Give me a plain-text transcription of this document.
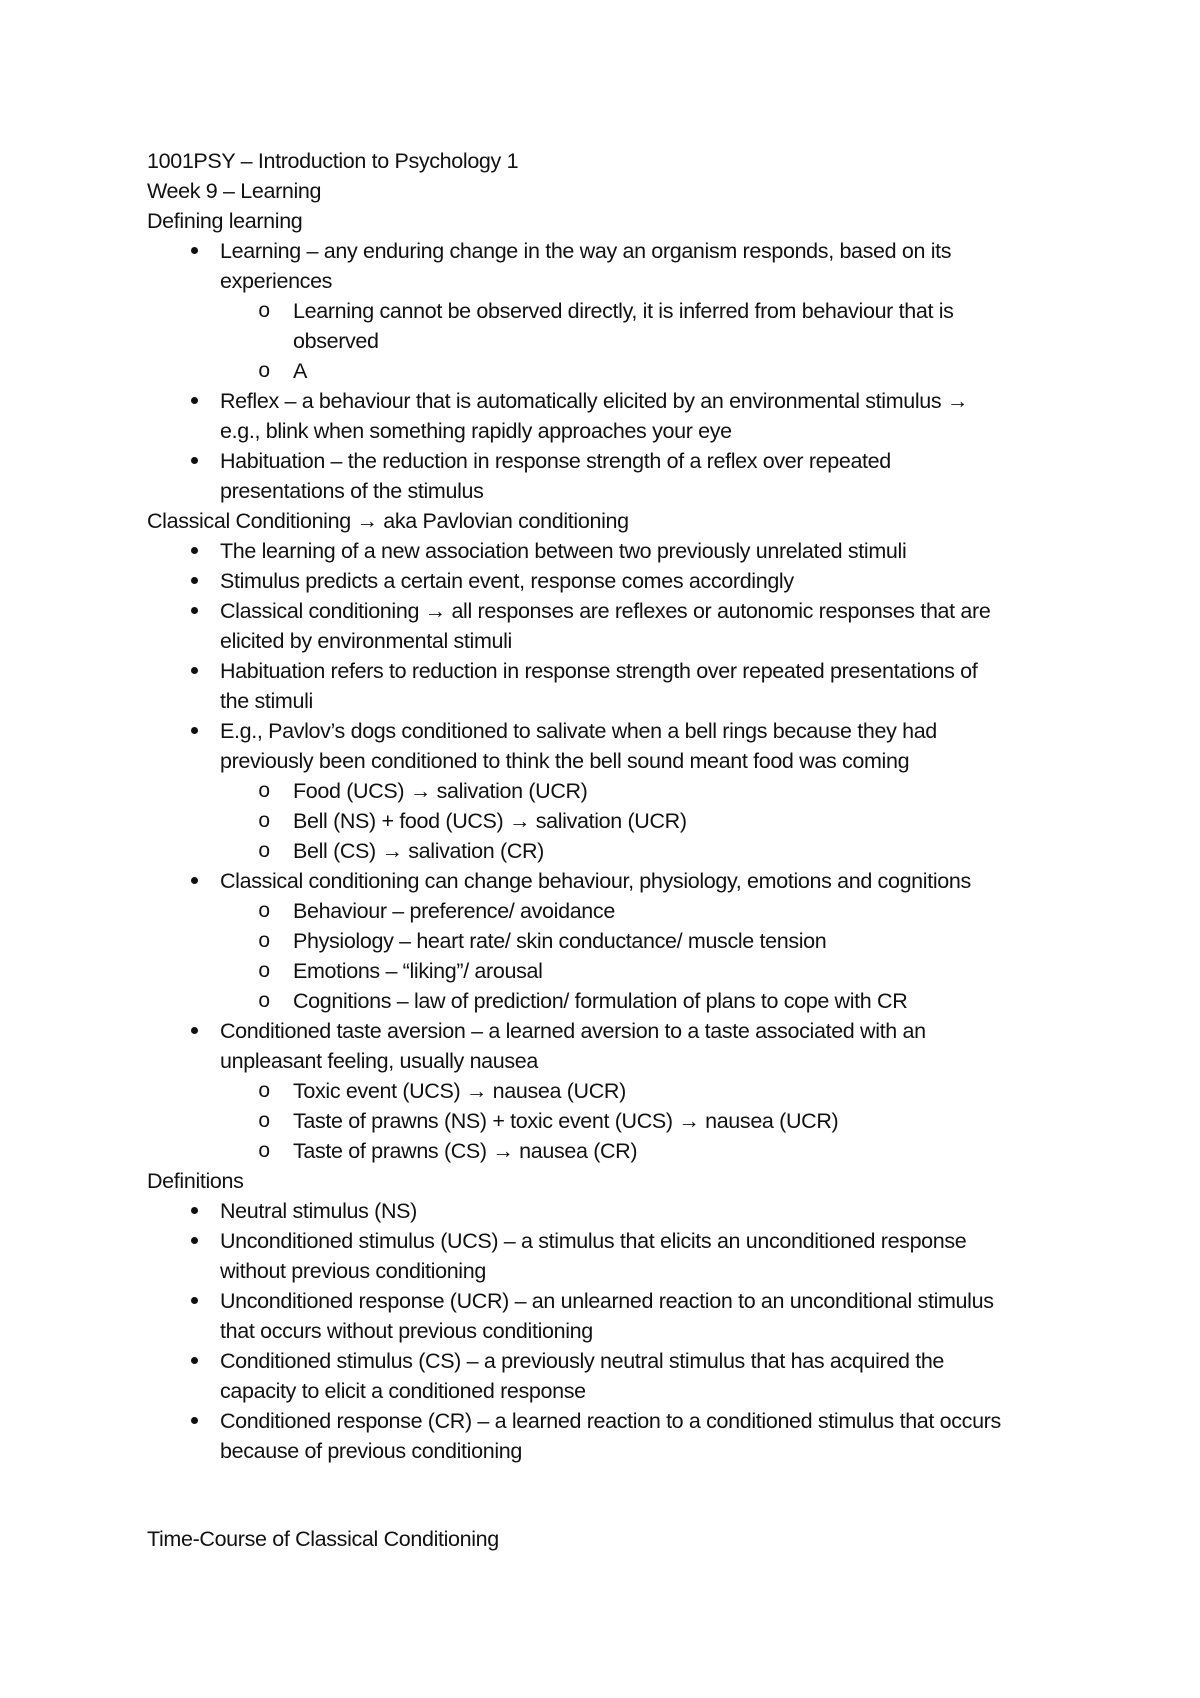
1001PSY – Introduction to Psychology 1

Week 9 – Learning

Defining learning

Learning – any enduring change in the way an organism responds, based on its

experiences

o Learning cannot be observed directly, it is inferred from behaviour that is

observed

o A

Reflex – a behaviour that is automatically elicited by an environmental stimulus →

e.g., blink when something rapidly approaches your eye

Habituation – the reduction in response strength of a reflex over repeated

presentations of the stimulus

Classical Conditioning → aka Pavlovian conditioning

The learning of a new association between two previously unrelated stimuli

Stimulus predicts a certain event, response comes accordingly

Classical conditioning → all responses are reflexes or autonomic responses that are

elicited by environmental stimuli

Habituation refers to reduction in response strength over repeated presentations of

the stimuli

E.g., Pavlov’s dogs conditioned to salivate when a bell rings because they had

previously been conditioned to think the bell sound meant food was coming

o Food (UCS) → salivation (UCR)

o Bell (NS) + food (UCS) → salivation (UCR)

o Bell (CS) → salivation (CR)

Classical conditioning can change behaviour, physiology, emotions and cognitions

o Behaviour – preference/ avoidance

o Physiology – heart rate/ skin conductance/ muscle tension

o Emotions – “liking”/ arousal

o Cognitions – law of prediction/ formulation of plans to cope with CR

Conditioned taste aversion – a learned aversion to a taste associated with an

unpleasant feeling, usually nausea

o Toxic event (UCS) → nausea (UCR)

o Taste of prawns (NS) + toxic event (UCS) → nausea (UCR)

o Taste of prawns (CS) → nausea (CR)

Definitions

Neutral stimulus (NS)

Unconditioned stimulus (UCS) – a stimulus that elicits an unconditioned response

without previous conditioning

Unconditioned response (UCR) – an unlearned reaction to an unconditional stimulus

that occurs without previous conditioning

Conditioned stimulus (CS) – a previously neutral stimulus that has acquired the

capacity to elicit a conditioned response

Conditioned response (CR) – a learned reaction to a conditioned stimulus that occurs

because of previous conditioning

Time-Course of Classical Conditioning
